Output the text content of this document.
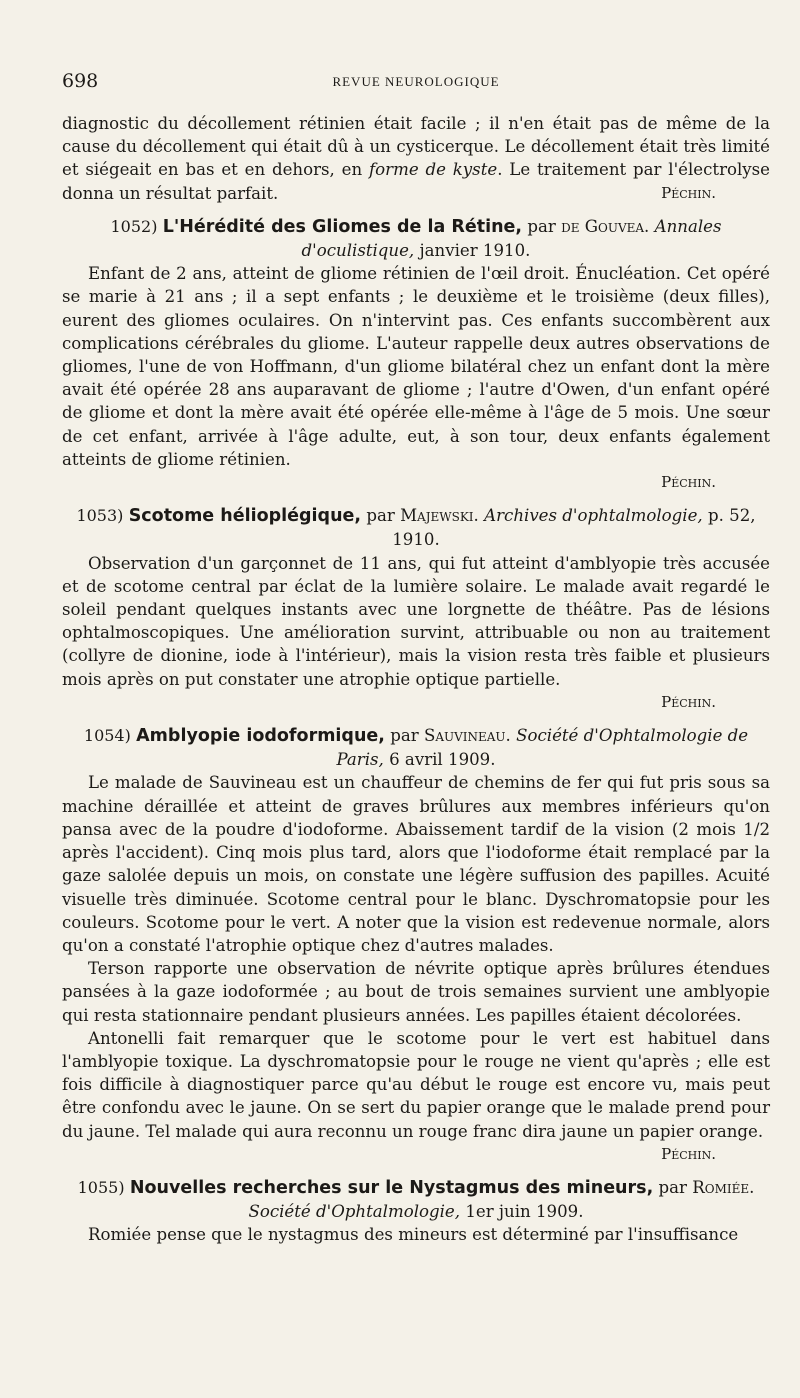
698	REVUE NEUROLOGIQUE

diagnostic du décollement rétinien était facile ; il n'en était pas de même de la cause du décollement qui était dû à un cysticerque. Le décollement était très limité et siégeait en bas et en dehors, en forme de kyste. Le traitement par l'électrolyse donna un résultat parfait.	Péchin.

1052) L'Hérédité des Gliomes de la Rétine, par de Gouvea. Annales d'oculistique, janvier 1910.

Enfant de 2 ans, atteint de gliome rétinien de l'œil droit. Énucléation. Cet opéré se marie à 21 ans ; il a sept enfants ; le deuxième et le troisième (deux filles), eurent des gliomes oculaires. On n'intervint pas. Ces enfants succombèrent aux complications cérébrales du gliome. L'auteur rappelle deux autres observations de gliomes, l'une de von Hoffmann, d'un gliome bilatéral chez un enfant dont la mère avait été opérée 28 ans auparavant de gliome ; l'autre d'Owen, d'un enfant opéré de gliome et dont la mère avait été opérée elle-même à l'âge de 5 mois. Une sœur de cet enfant, arrivée à l'âge adulte, eut, à son tour, deux enfants également atteints de gliome rétinien.

Péchin.
1053) Scotome hélioplégique, par Majewski. Archives d'ophtalmologie, p. 52, 1910.

Observation d'un garçonnet de 11 ans, qui fut atteint d'amblyopie très accusée et de scotome central par éclat de la lumière solaire. Le malade avait regardé le soleil pendant quelques instants avec une lorgnette de théâtre. Pas de lésions ophtalmoscopiques. Une amélioration survint, attribuable ou non au traitement (collyre de dionine, iode à l'intérieur), mais la vision resta très faible et plusieurs mois après on put constater une atrophie optique partielle.

Péchin.
1054) Amblyopie iodoformique, par Sauvineau. Société d'Ophtalmologie de Paris, 6 avril 1909.

Le malade de Sauvineau est un chauffeur de chemins de fer qui fut pris sous sa machine déraillée et atteint de graves brûlures aux membres inférieurs qu'on pansa avec de la poudre d'iodoforme. Abaissement tardif de la vision (2 mois 1/2 après l'accident). Cinq mois plus tard, alors que l'iodoforme était remplacé par la gaze salolée depuis un mois, on constate une légère suffusion des papilles. Acuité visuelle très diminuée. Scotome central pour le blanc. Dyschromatopsie pour les couleurs. Scotome pour le vert. A noter que la vision est redevenue normale, alors qu'on a constaté l'atrophie optique chez d'autres malades.

Terson rapporte une observation de névrite optique après brûlures étendues pansées à la gaze iodoformée ; au bout de trois semaines survient une amblyopie qui resta stationnaire pendant plusieurs années. Les papilles étaient décolorées.

Antonelli fait remarquer que le scotome pour le vert est habituel dans l'amblyopie toxique. La dyschromatopsie pour le rouge ne vient qu'après ; elle est fois difficile à diagnostiquer parce qu'au début le rouge est encore vu, mais peut être confondu avec le jaune. On se sert du papier orange que le malade prend pour du jaune. Tel malade qui aura reconnu un rouge franc dira jaune un papier orange.
Péchin.

1055) Nouvelles recherches sur le Nystagmus des mineurs, par Romiée. Société d'Ophtalmologie, 1er juin 1909.

Romiée pense que le nystagmus des mineurs est déterminé par l'insuffisance
